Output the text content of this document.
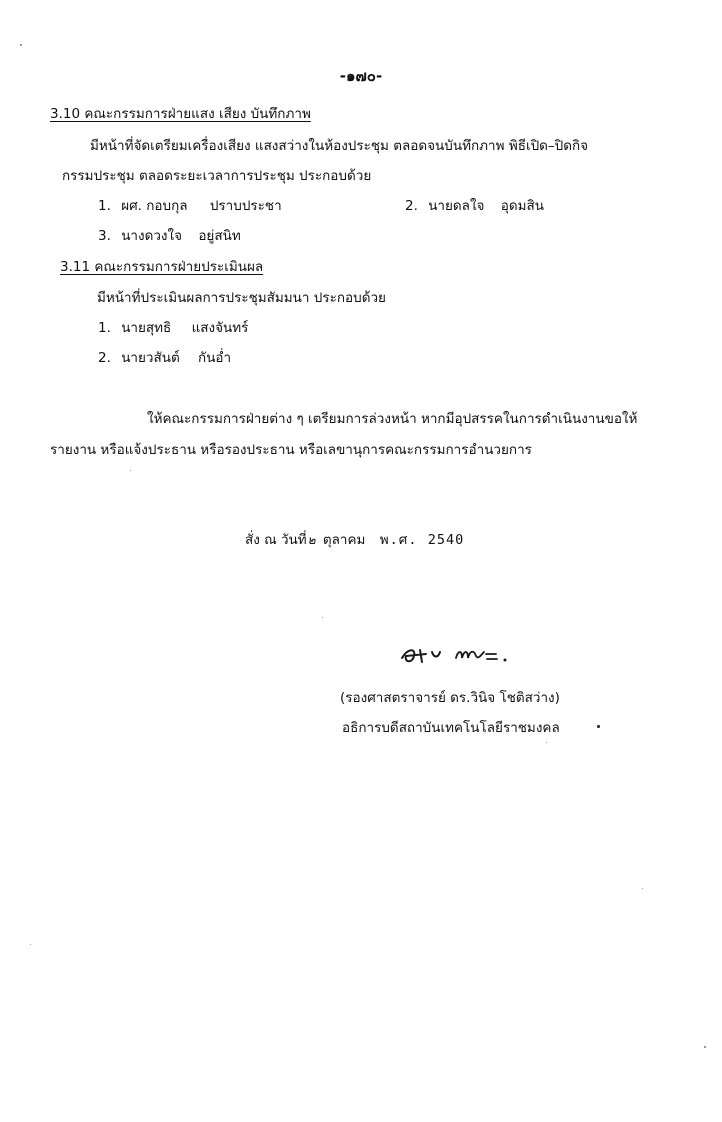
-๑๗๐-
3.10 คณะกรรมการฝ่ายแสง เสียง บันทึกภาพ
มีหน้าที่จัดเตรียมเครื่องเสียง แสงสว่างในห้องประชุม ตลอดจนบันทึกภาพ พิธีเปิด–ปิดกิจ
กรรมประชุม ตลอดระยะเวลาการประชุม ประกอบด้วย
1. ผศ. กอบกุล ปราบประชา	2. นายดลใจ อุดมสิน
3. นางดวงใจ อยู่สนิท
3.11 คณะกรรมการฝ่ายประเมินผล
มีหน้าที่ประเมินผลการประชุมสัมมนา ประกอบด้วย
1. นายสุทธิ แสงจันทร์
2. นายวสันต์ กันอ่ำ
ให้คณะกรรมการฝ่ายต่าง ๆ เตรียมการล่วงหน้า หากมีอุปสรรคในการดำเนินงานขอให้
รายงาน หรือแจ้งประธาน หรือรองประธาน หรือเลขานุการคณะกรรมการอำนวยการ
สั่ง ณ วันที่๒ ตุลาคม พ.ศ. 2540
(รองศาสตราจารย์ ดร.วินิจ โชติสว่าง)
อธิการบดีสถาบันเทคโนโลยีราชมงคล
